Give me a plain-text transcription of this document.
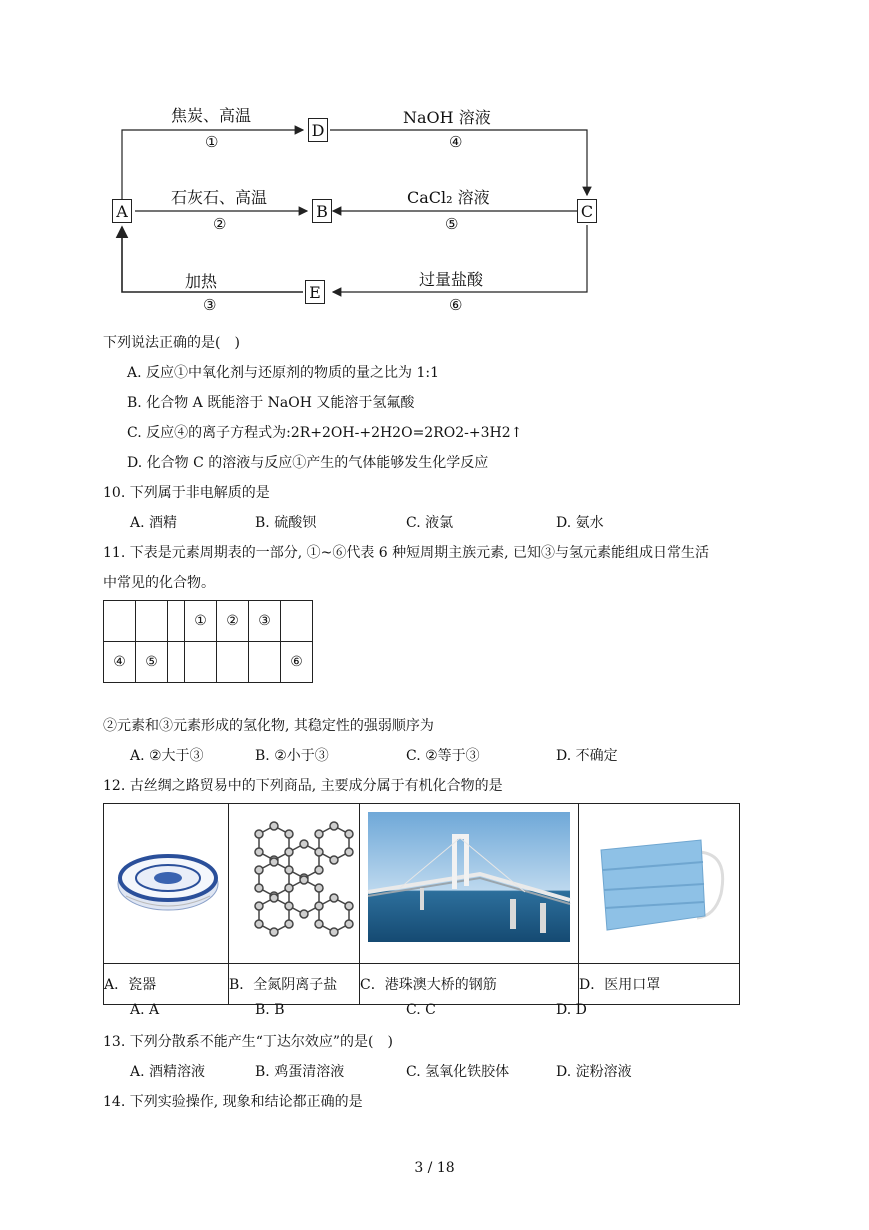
A
D
B	C
E
焦炭、高温
①
石灰石、高温
②
加热
③
NaOH 溶液
④
CaCl₂ 溶液
⑤
过量盐酸
⑥
下列说法正确的是(　)
A. 反应①中氧化剂与还原剂的物质的量之比为 1:1
B. 化合物 A 既能溶于 NaOH 又能溶于氢氟酸
C. 反应④的离子方程式为:2R+2OH-+2H2O=2RO2-+3H2↑
D. 化合物 C 的溶液与反应①产生的气体能够发生化学反应
10. 下列属于非电解质的是
A. 酒精	B. 硫酸钡	C. 液氯	D. 氨水
11. 下表是元素周期表的一部分, ①~⑥代表 6 种短周期主族元素, 已知③与氢元素能组成日常生活
中常见的化合物。
			①	②	③	
④	⑤					⑥
②元素和③元素形成的氢化物, 其稳定性的强弱顺序为
A. ②大于③	B. ②小于③	C. ②等于③	D. 不确定
12. 古丝绸之路贸易中的下列商品, 主要成分属于有机化合物的是

A．瓷器	B．全氮阴离子盐	C．港珠澳大桥的钢筋	D．医用口罩
A. A	B. B	C. C	D. D
13. 下列分散系不能产生“丁达尔效应”的是(　)
A. 酒精溶液	B. 鸡蛋清溶液	C. 氢氧化铁胶体	D. 淀粉溶液
14. 下列实验操作, 现象和结论都正确的是
3 / 18
